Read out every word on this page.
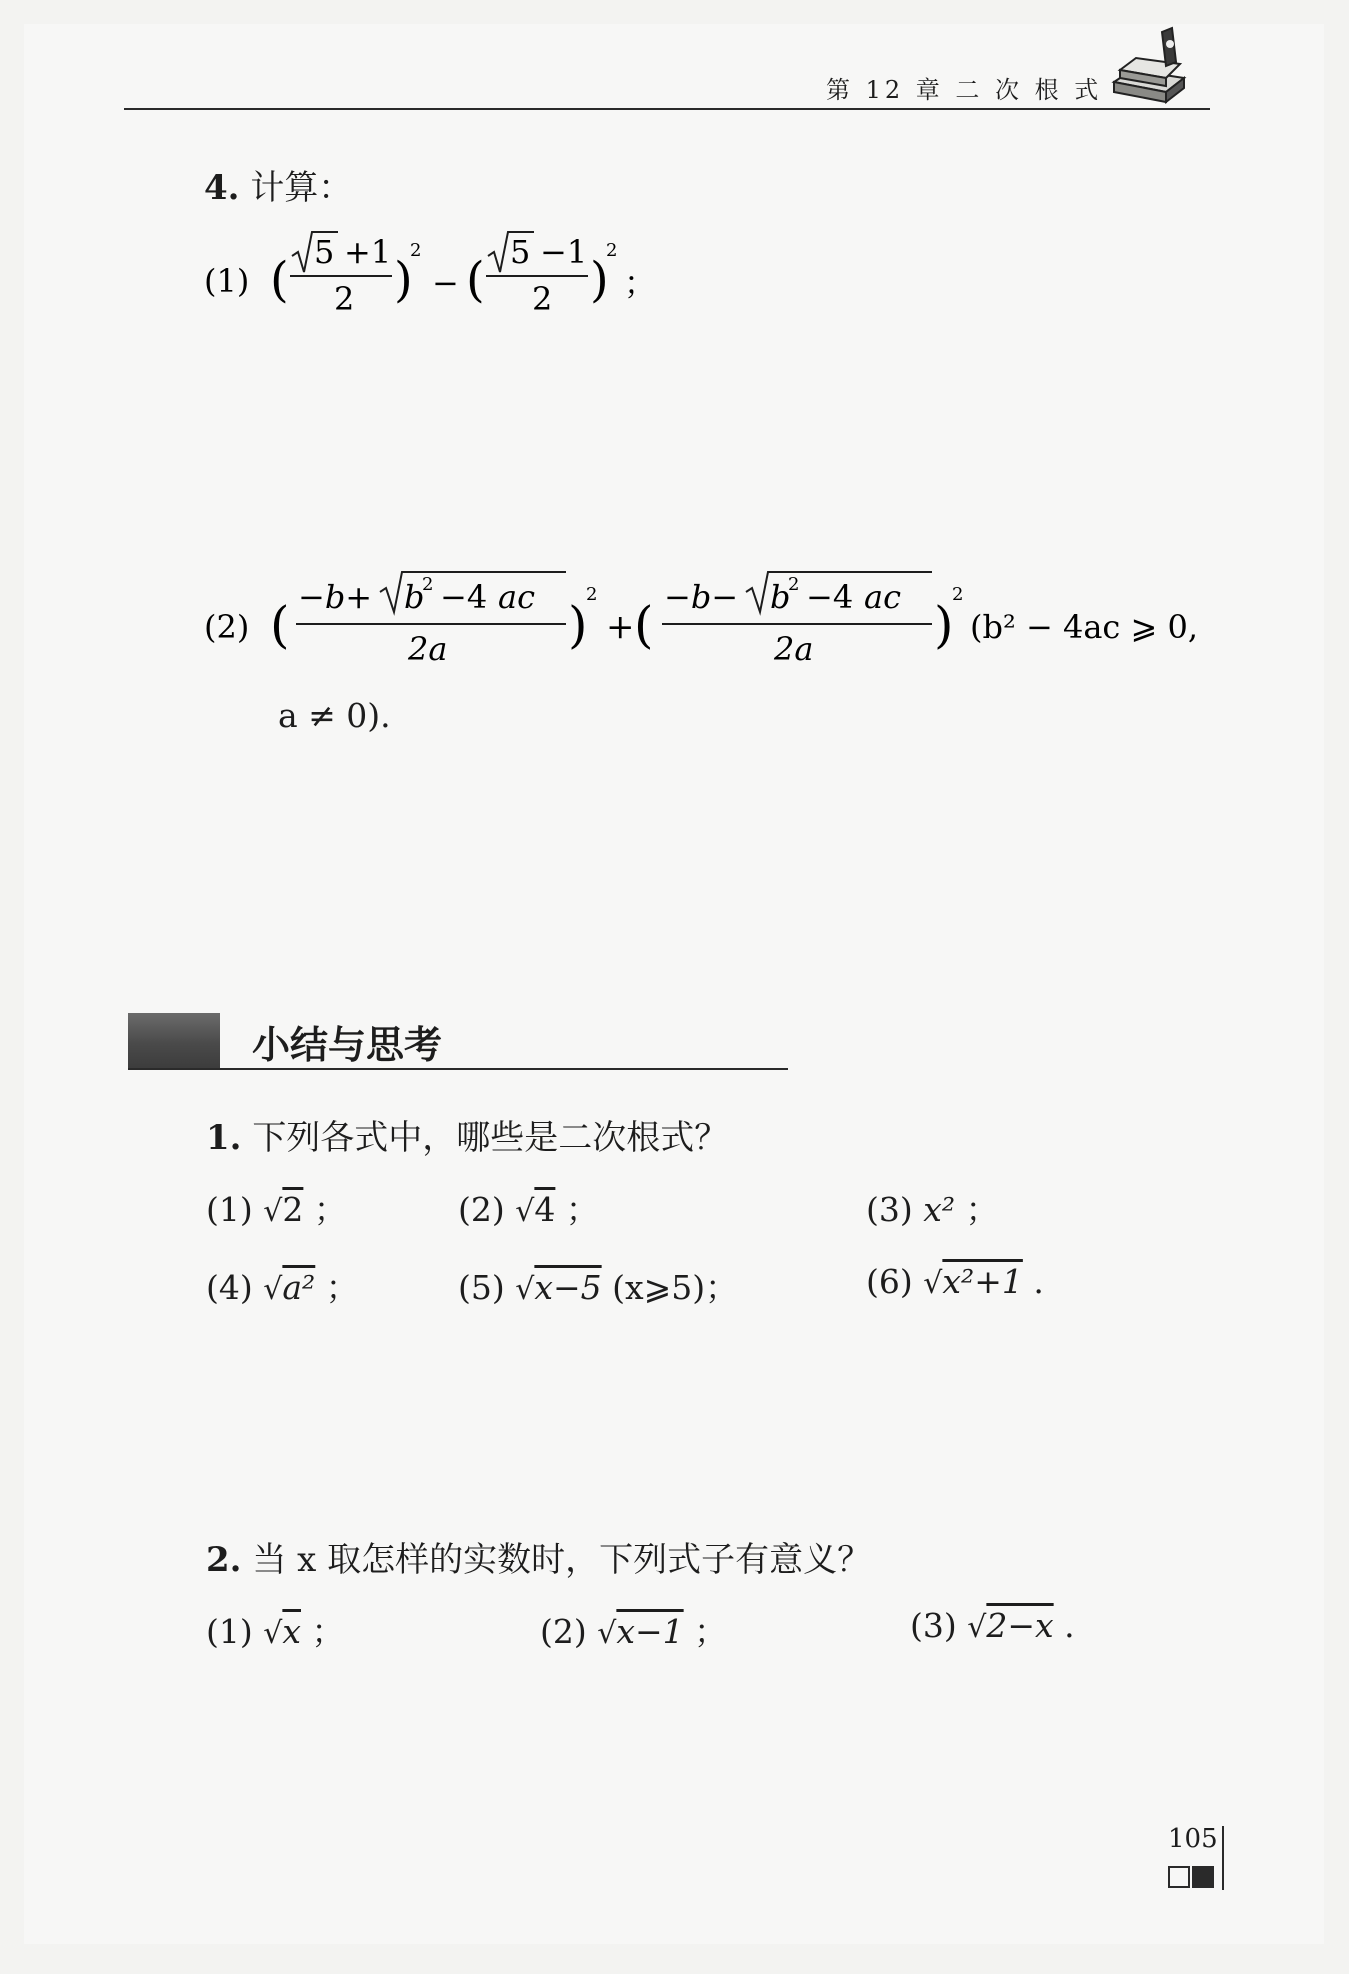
第 12 章 二 次 根 式
4. 计算：
(1) ( 5 +1
2 )
2
− ( 5 −1
2 )
2
；
(2) ( −b+ b
2 −4 ac
2a )
2
+ ( −b− b
2 −4 ac
2a )
2
(b² − 4ac ⩾ 0,
a ≠ 0).
小结与思考
1. 下列各式中，哪些是二次根式？
(1) √2 ；	(2) √4 ；	(3) x² ；
(4) √a² ；	(5) √x−5 (x⩾5)；	(6) √x²+1 .
2. 当 x 取怎样的实数时，下列式子有意义？
(1) √x ；	(2) √x−1 ；	(3) √2−x .
105
